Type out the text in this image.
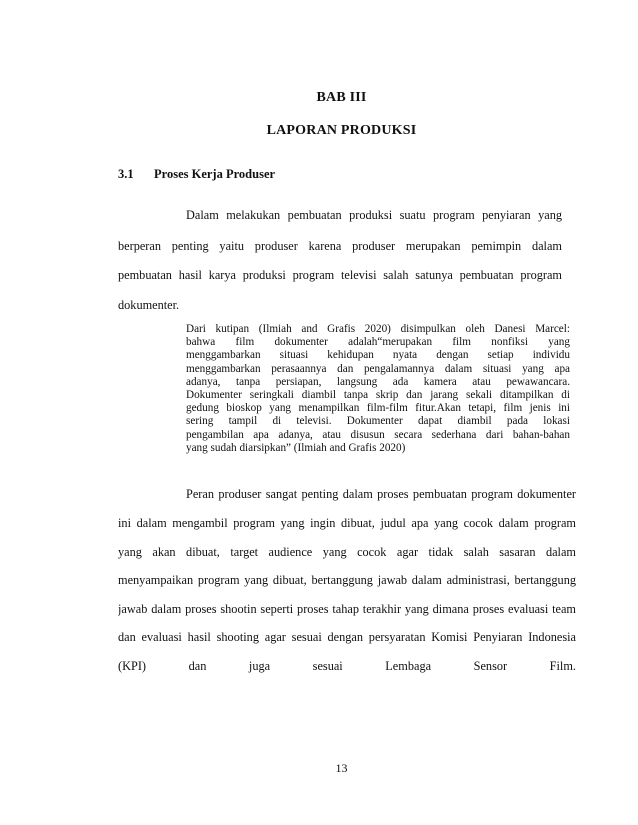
BAB III
LAPORAN PRODUKSI
3.1 Proses Kerja Produser
Dalam melakukan pembuatan produksi suatu program penyiaran yang
berperan penting yaitu produser karena produser merupakan pemimpin dalam
pembuatan hasil karya produksi program televisi salah satunya pembuatan program
dokumenter.
Dari kutipan (Ilmiah and Grafis 2020) disimpulkan oleh Danesi Marcel:
bahwa film dokumenter adalah“merupakan film nonfiksi yang
menggambarkan situasi kehidupan nyata dengan setiap individu
menggambarkan perasaannya dan pengalamannya dalam situasi yang apa
adanya, tanpa persiapan, langsung ada kamera atau pewawancara.
Dokumenter seringkali diambil tanpa skrip dan jarang sekali ditampilkan di
gedung bioskop yang menampilkan film-film fitur.Akan tetapi, film jenis ini
sering tampil di televisi. Dokumenter dapat diambil pada lokasi
pengambilan apa adanya, atau disusun secara sederhana dari bahan-bahan
yang sudah diarsipkan” (Ilmiah and Grafis 2020)
Peran produser sangat penting dalam proses pembuatan program dokumenter
ini dalam mengambil program yang ingin dibuat, judul apa yang cocok dalam program
yang akan dibuat, target audience yang cocok agar tidak salah sasaran dalam
menyampaikan program yang dibuat, bertanggung jawab dalam administrasi, bertanggung
jawab dalam proses shootin seperti proses tahap terakhir yang dimana proses evaluasi team
dan evaluasi hasil shooting agar sesuai dengan persyaratan Komisi Penyiaran Indonesia
(KPI) dan juga sesuai Lembaga Sensor Film.
13
